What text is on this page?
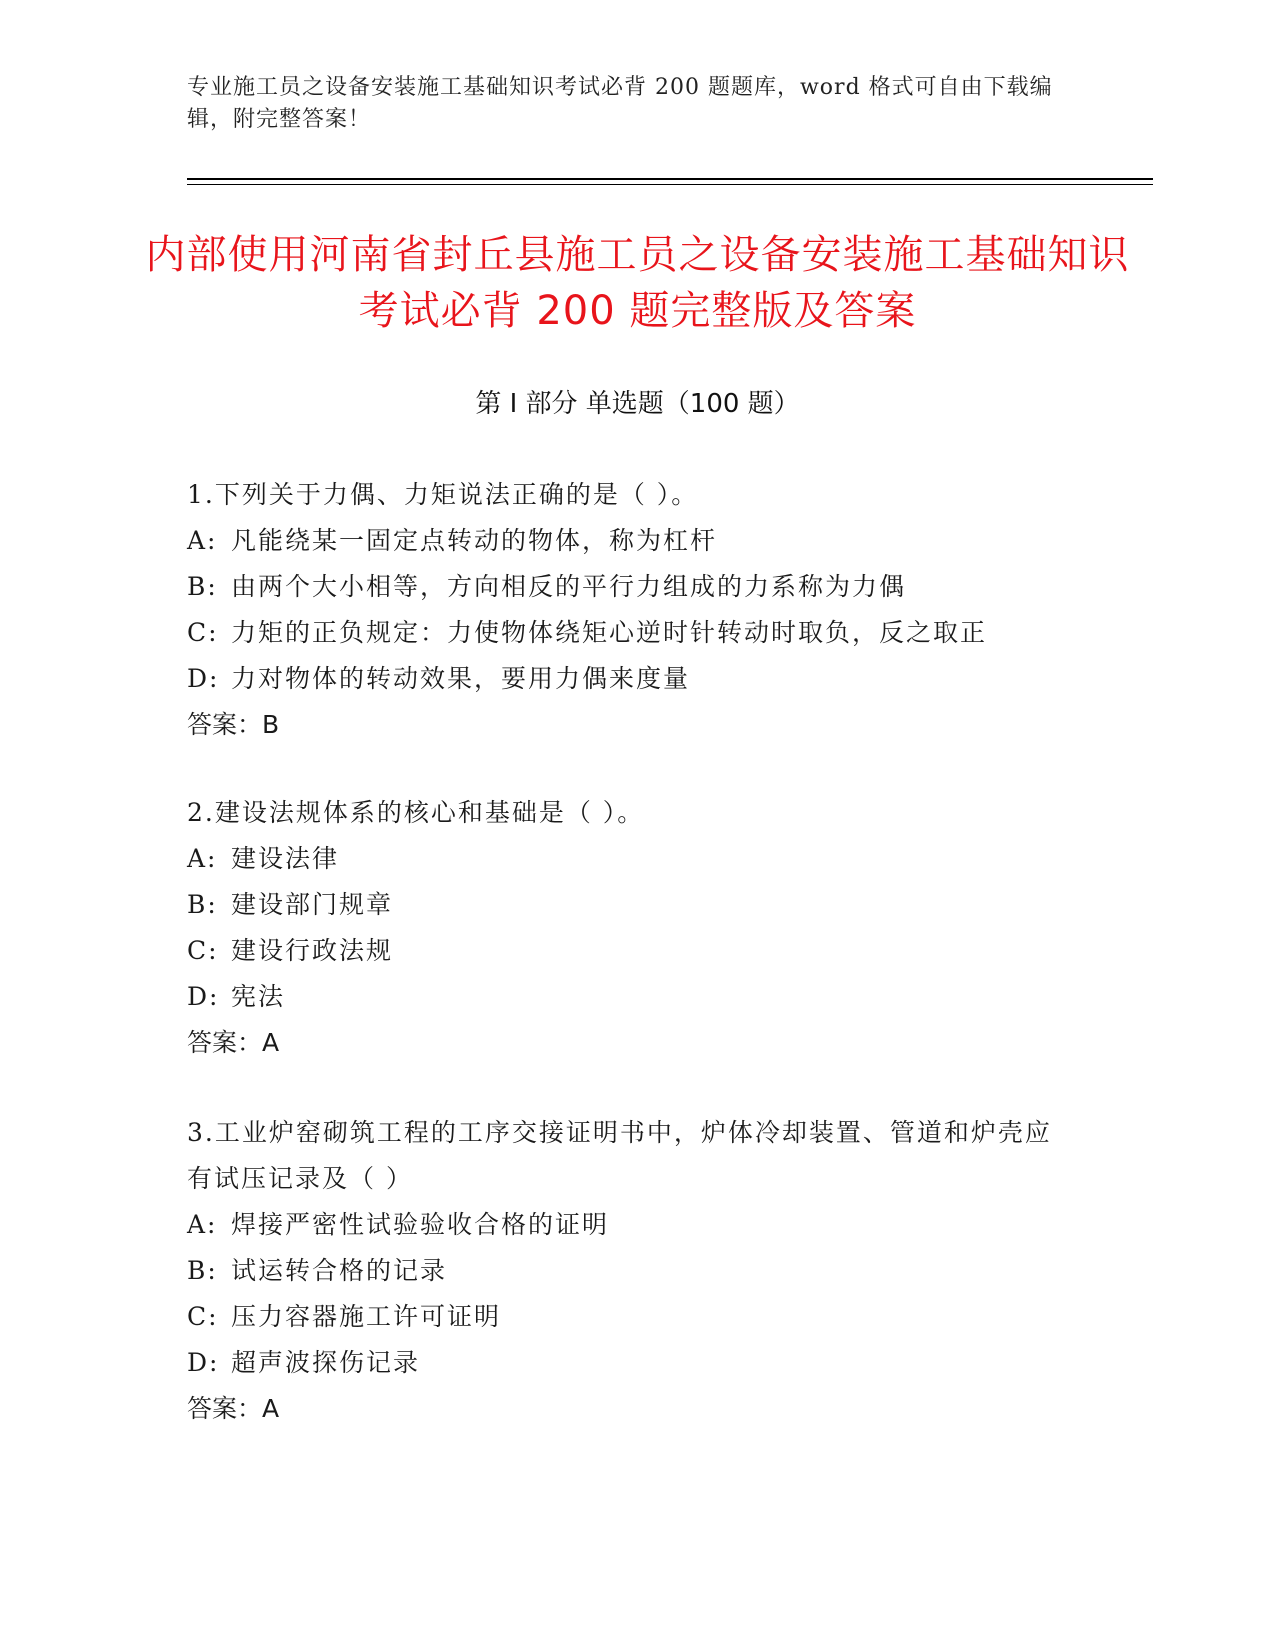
专业施工员之设备安装施工基础知识考试必背 200 题题库，word 格式可自由下载编辑，附完整答案！
内部使用河南省封丘县施工员之设备安装施工基础知识考试必背 200 题完整版及答案
第 I 部分 单选题（100 题）
1.下列关于力偶、力矩说法正确的是（ ）。
A: 凡能绕某一固定点转动的物体，称为杠杆
B: 由两个大小相等，方向相反的平行力组成的力系称为力偶
C: 力矩的正负规定：力使物体绕矩心逆时针转动时取负，反之取正
D: 力对物体的转动效果，要用力偶来度量
答案：B
2.建设法规体系的核心和基础是（ ）。
A: 建设法律
B: 建设部门规章
C: 建设行政法规
D: 宪法
答案：A
3.工业炉窑砌筑工程的工序交接证明书中，炉体冷却装置、管道和炉壳应有试压记录及（ ）
A: 焊接严密性试验验收合格的证明
B: 试运转合格的记录
C: 压力容器施工许可证明
D: 超声波探伤记录
答案：A
